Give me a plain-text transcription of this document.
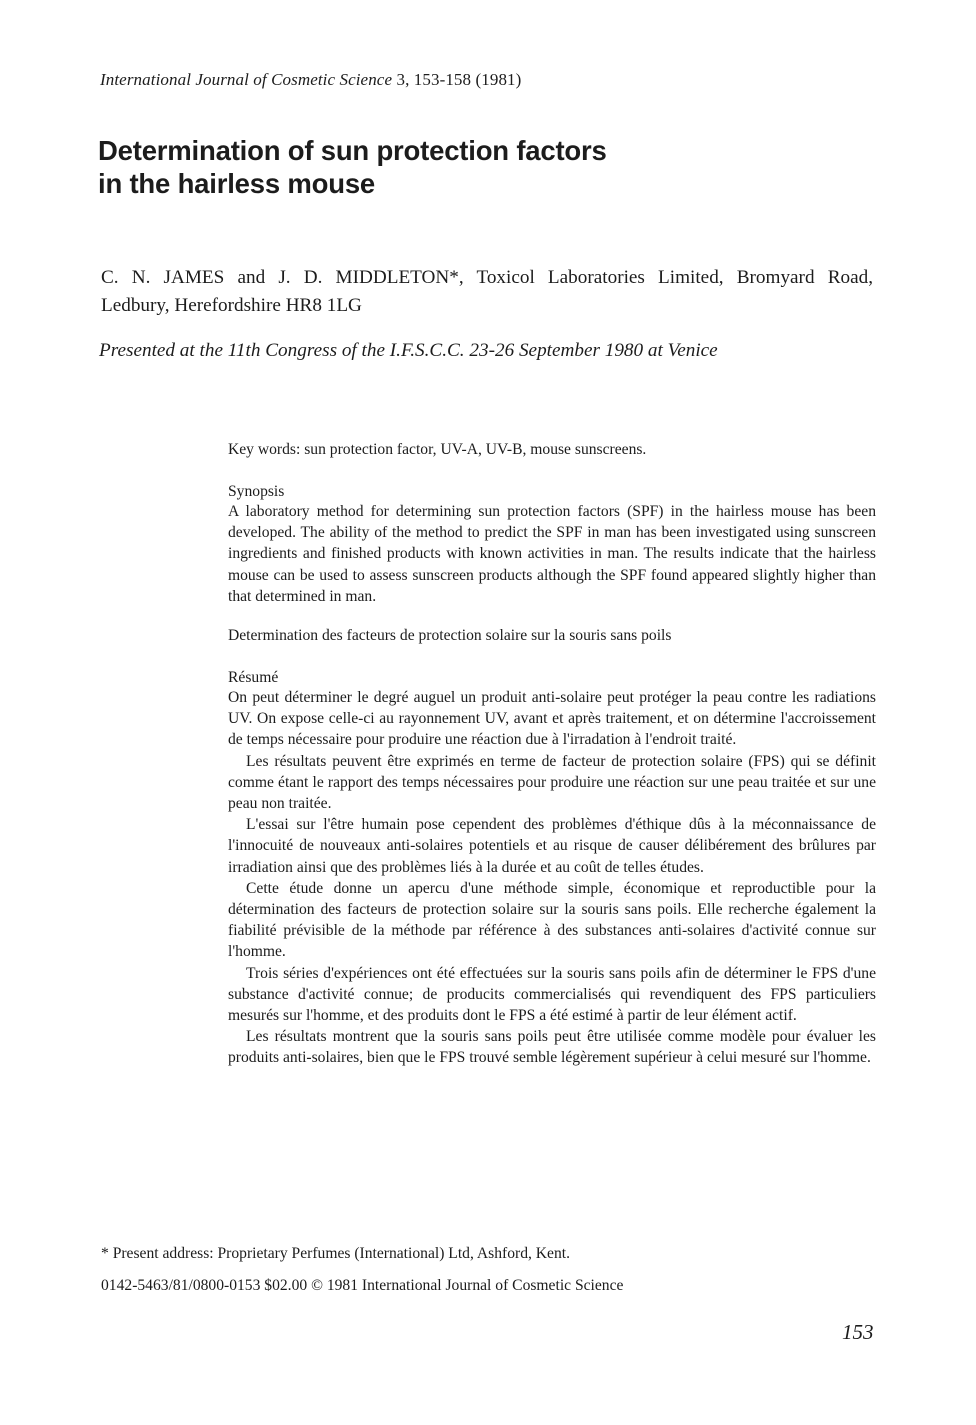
International Journal of Cosmetic Science 3, 153-158 (1981)
Determination of sun protection factors
in the hairless mouse
C. N. JAMES and J. D. MIDDLETON*, Toxicol Laboratories Limited, Bromyard Road,
Ledbury, Herefordshire HR8 1LG
Presented at the 11th Congress of the I.F.S.C.C. 23-26 September 1980 at Venice
Key words: sun protection factor, UV-A, UV-B, mouse sunscreens.
Synopsis
A laboratory method for determining sun protection factors (SPF) in the hairless mouse has been developed. The ability of the method to predict the SPF in man has been investigated using sunscreen ingredients and finished products with known activities in man. The results indicate that the hairless mouse can be used to assess sunscreen products although the SPF found appeared slightly higher than that determined in man.
Determination des facteurs de protection solaire sur la souris sans poils
Résumé

On peut déterminer le degré auguel un produit anti-solaire peut protéger la peau contre les radiations UV. On expose celle-ci au rayonnement UV, avant et après traitement, et on détermine l'accroissement de temps nécessaire pour produire une réaction due à l'irradation à l'endroit traité.

Les résultats peuvent être exprimés en terme de facteur de protection solaire (FPS) qui se définit comme étant le rapport des temps nécessaires pour produire une réaction sur une peau traitée et sur une peau non traitée.

L'essai sur l'être humain pose cependent des problèmes d'éthique dûs à la méconnaissance de l'innocuité de nouveaux anti-solaires potentiels et au risque de causer délibérement des brûlures par irradiation ainsi que des problèmes liés à la durée et au coût de telles études.

Cette étude donne un apercu d'une méthode simple, économique et reproductible pour la détermination des facteurs de protection solaire sur la souris sans poils. Elle recherche également la fiabilité prévisible de la méthode par référence à des substances anti-solaires d'activité connue sur l'homme.

Trois séries d'expériences ont été effectuées sur la souris sans poils afin de déterminer le FPS d'une substance d'activité connue; de producits commercialisés qui revendiquent des FPS particuliers mesurés sur l'homme, et des produits dont le FPS a été estimé à partir de leur élément actif.

Les résultats montrent que la souris sans poils peut être utilisée comme modèle pour évaluer les produits anti-solaires, bien que le FPS trouvé semble légèrement supérieur à celui mesuré sur l'homme.

* Present address: Proprietary Perfumes (International) Ltd, Ashford, Kent.
0142-5463/81/0800-0153 $02.00 © 1981 International Journal of Cosmetic Science
153
